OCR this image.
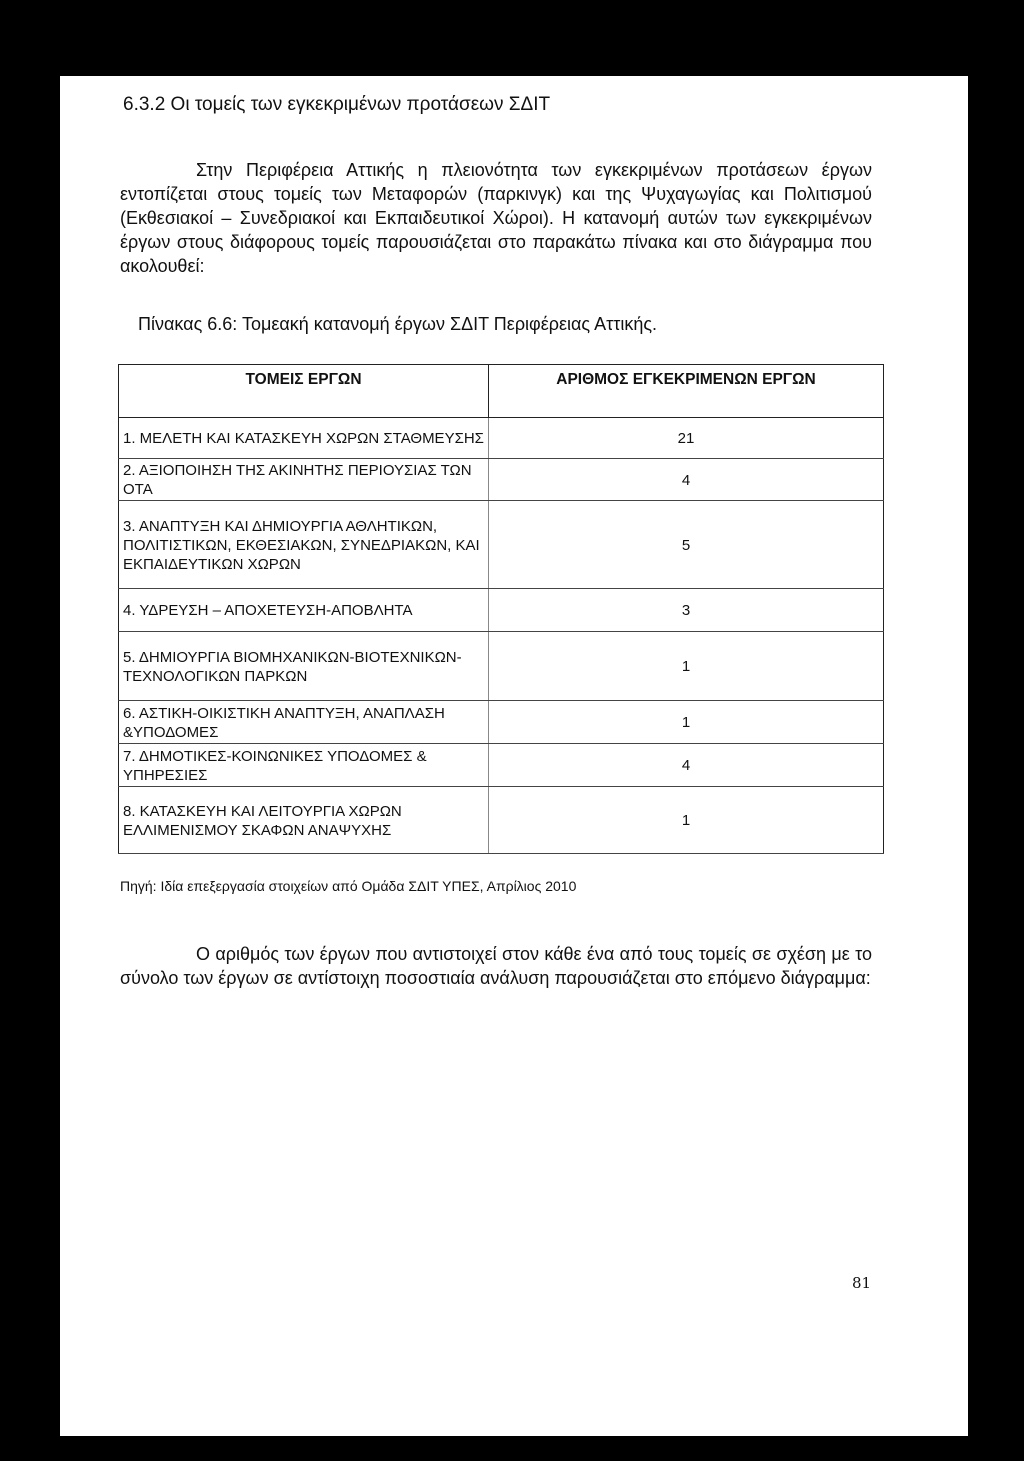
6.3.2 Οι τομείς των εγκεκριμένων προτάσεων ΣΔΙΤ

Στην Περιφέρεια Αττικής η πλειονότητα των εγκεκριμένων προτάσεων έργων εντοπίζεται στους τομείς των Μεταφορών (παρκινγκ) και της Ψυχαγωγίας και Πολιτισμού (Εκθεσιακοί – Συνεδριακοί και Εκπαιδευτικοί Χώροι). Η κατανομή αυτών των εγκεκριμένων έργων στους διάφορους τομείς παρουσιάζεται στο παρακάτω πίνακα και στο διάγραμμα που ακολουθεί:

Πίνακας 6.6: Τομεακή κατανομή έργων ΣΔΙΤ Περιφέρειας Αττικής.
ΤΟΜΕΙΣ ΕΡΓΩΝ	ΑΡΙΘΜΟΣ ΕΓΚΕΚΡΙΜΕΝΩΝ ΕΡΓΩΝ
1. ΜΕΛΕΤΗ ΚΑΙ ΚΑΤΑΣΚΕΥΗ ΧΩΡΩΝ ΣΤΑΘΜΕΥΣΗΣ	21
2. ΑΞΙΟΠΟΙΗΣΗ ΤΗΣ ΑΚΙΝΗΤΗΣ ΠΕΡΙΟΥΣΙΑΣ ΤΩΝ ΟΤΑ	4
3. ΑΝΑΠΤΥΞΗ ΚΑΙ ΔΗΜΙΟΥΡΓΙΑ ΑΘΛΗΤΙΚΩΝ, ΠΟΛΙΤΙΣΤΙΚΩΝ, ΕΚΘΕΣΙΑΚΩΝ, ΣΥΝΕΔΡΙΑΚΩΝ, ΚΑΙ ΕΚΠΑΙΔΕΥΤΙΚΩΝ ΧΩΡΩΝ	5
4. ΥΔΡΕΥΣΗ – ΑΠΟΧΕΤΕΥΣΗ-ΑΠΟΒΛΗΤΑ	3
5. ΔΗΜΙΟΥΡΓΙΑ ΒΙΟΜΗΧΑΝΙΚΩΝ-ΒΙΟΤΕΧΝΙΚΩΝ-ΤΕΧΝΟΛΟΓΙΚΩΝ ΠΑΡΚΩΝ	1
6. ΑΣΤΙΚΗ-ΟΙΚΙΣΤΙΚΗ ΑΝΑΠΤΥΞΗ, ΑΝΑΠΛΑΣΗ &ΥΠΟΔΟΜΕΣ	1
7. ΔΗΜΟΤΙΚΕΣ-ΚΟΙΝΩΝΙΚΕΣ ΥΠΟΔΟΜΕΣ & ΥΠΗΡΕΣΙΕΣ	4
8. ΚΑΤΑΣΚΕΥΗ ΚΑΙ ΛΕΙΤΟΥΡΓΙΑ ΧΩΡΩΝ ΕΛΛΙΜΕΝΙΣΜΟΥ ΣΚΑΦΩΝ ΑΝΑΨΥΧΗΣ	1
Πηγή: Ιδία επεξεργασία στοιχείων από Ομάδα ΣΔΙΤ ΥΠΕΣ, Απρίλιος 2010

Ο αριθμός των έργων που αντιστοιχεί στον κάθε ένα από τους τομείς σε σχέση με το σύνολο των έργων σε αντίστοιχη ποσοστιαία ανάλυση παρουσιάζεται στο επόμενο διάγραμμα:

81
